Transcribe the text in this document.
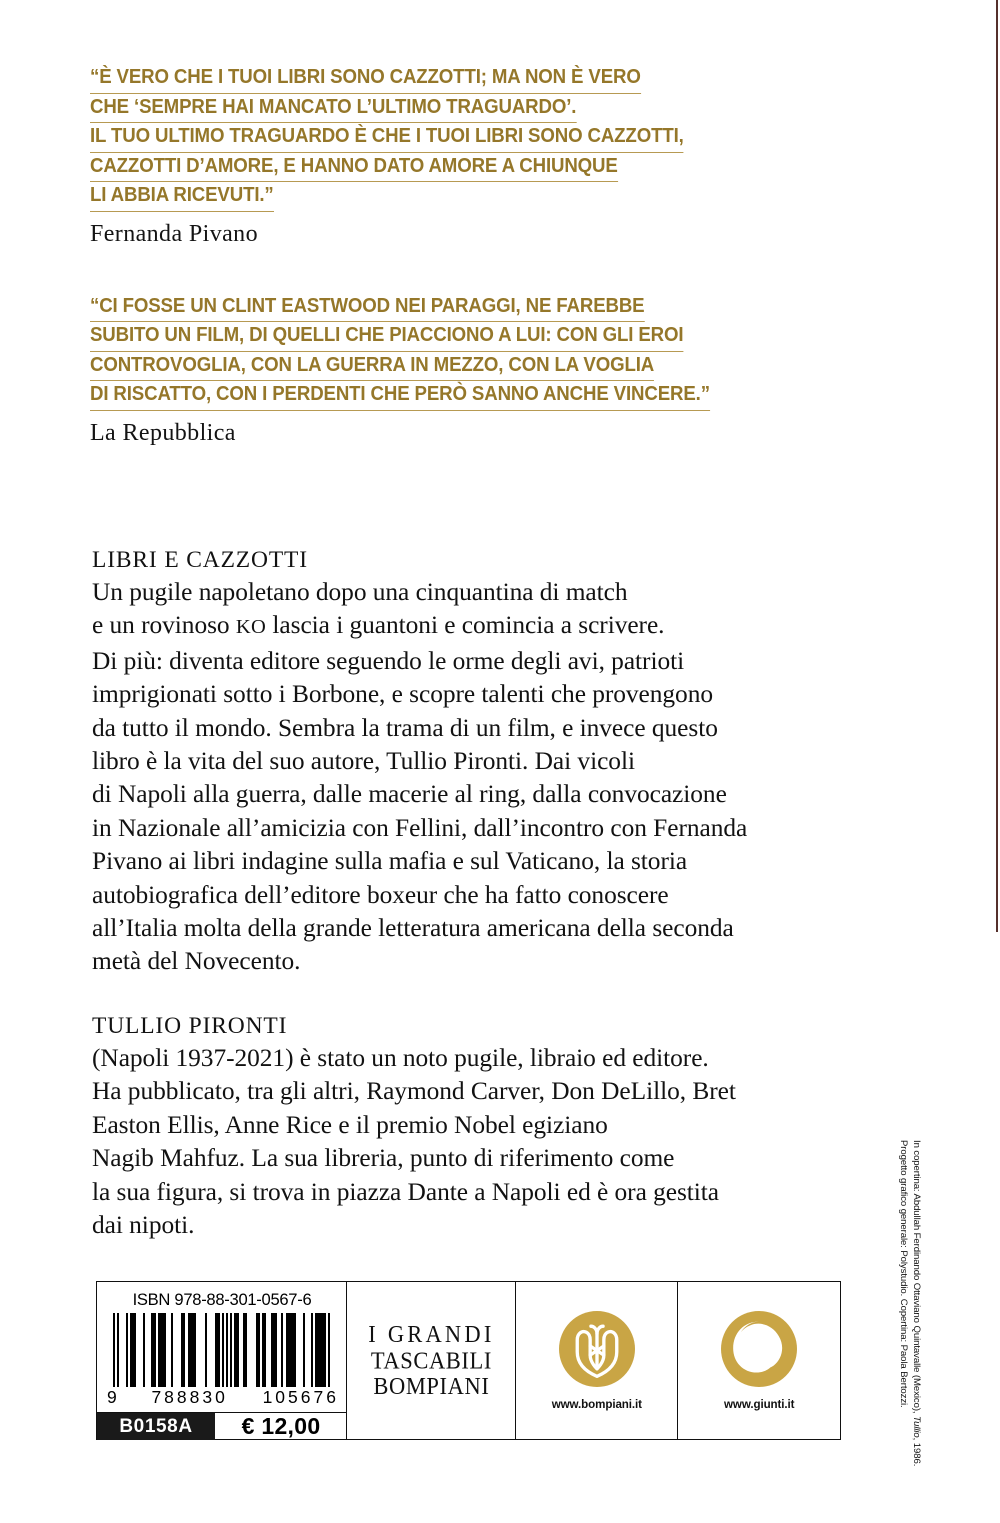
“È VERO CHE I TUOI LIBRI SONO CAZZOTTI; MA NON È VERO
CHE ‘SEMPRE HAI MANCATO L’ULTIMO TRAGUARDO’.
IL TUO ULTIMO TRAGUARDO È CHE I TUOI LIBRI SONO CAZZOTTI,
CAZZOTTI D’AMORE, E HANNO DATO AMORE A CHIUNQUE
LI ABBIA RICEVUTI.”
Fernanda Pivano
“CI FOSSE UN CLINT EASTWOOD NEI PARAGGI, NE FAREBBE
SUBITO UN FILM, DI QUELLI CHE PIACCIONO A LUI: CON GLI EROI
CONTROVOGLIA, CON LA GUERRA IN MEZZO, CON LA VOGLIA
DI RISCATTO, CON I PERDENTI CHE PERÒ SANNO ANCHE VINCERE.”
La Repubblica
LIBRI E CAZZOTTI
Un pugile napoletano dopo una cinquantina di match
e un rovinoso KO lascia i guantoni e comincia a scrivere.
Di più: diventa editore seguendo le orme degli avi, patrioti
imprigionati sotto i Borbone, e scopre talenti che provengono
da tutto il mondo. Sembra la trama di un film, e invece questo
libro è la vita del suo autore, Tullio Pironti. Dai vicoli
di Napoli alla guerra, dalle macerie al ring, dalla convocazione
in Nazionale all’amicizia con Fellini, dall’incontro con Fernanda
Pivano ai libri indagine sulla mafia e sul Vaticano, la storia
autobiografica dell’editore boxeur che ha fatto conoscere
all’Italia molta della grande letteratura americana della seconda
metà del Novecento.
TULLIO PIRONTI
(Napoli 1937-2021) è stato un noto pugile, libraio ed editore.
Ha pubblicato, tra gli altri, Raymond Carver, Don DeLillo, Bret
Easton Ellis, Anne Rice e il premio Nobel egiziano
Nagib Mahfuz. La sua libreria, punto di riferimento come
la sua figura, si trova in piazza Dante a Napoli ed è ora gestita
dai nipoti.	In copertina: Abdullah Ferdinando Ottaviano Quintavalle (Mexico), Tullio, 1986.
Progetto grafico generale: Polystudio. Copertina: Paola Bertozzi.
ISBN 978-88-301-0567-6
9 788830 105676
B0158A	€ 12,00
I GRANDI
TASCABILI
BOMPIANI
www.bompiani.it	www.giunti.it
